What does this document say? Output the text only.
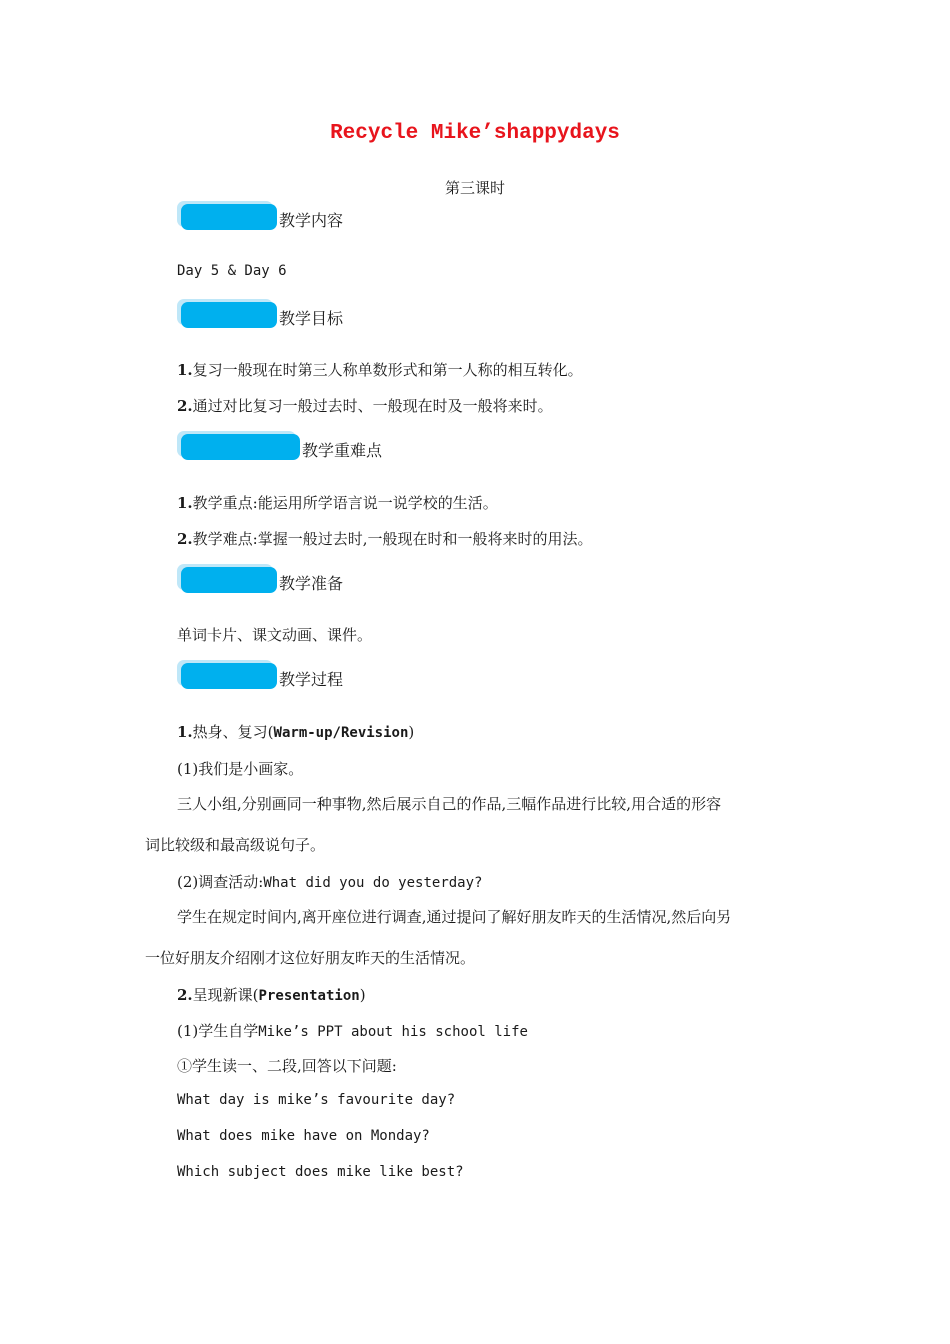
Recycle Mike’shappydays
第三课时
教学内容
Day 5 & Day 6
教学目标
1.复习一般现在时第三人称单数形式和第一人称的相互转化。
2.通过对比复习一般过去时、一般现在时及一般将来时。
教学重难点
1.教学重点:能运用所学语言说一说学校的生活。
2.教学难点:掌握一般过去时,一般现在时和一般将来时的用法。
教学准备
单词卡片、课文动画、课件。
教学过程
1.热身、复习(Warm-up/Revision)
(1)我们是小画家。
三人小组,分别画同一种事物,然后展示自己的作品,三幅作品进行比较,用合适的形容
词比较级和最高级说句子。
(2)调查活动:What did you do yesterday?
学生在规定时间内,离开座位进行调查,通过提问了解好朋友昨天的生活情况,然后向另
一位好朋友介绍刚才这位好朋友昨天的生活情况。
2.呈现新课(Presentation)
(1)学生自学Mike’s PPT about his school life
①学生读一、二段,回答以下问题:
What day is mike’s favourite day?
What does mike have on Monday?
Which subject does mike like best?
